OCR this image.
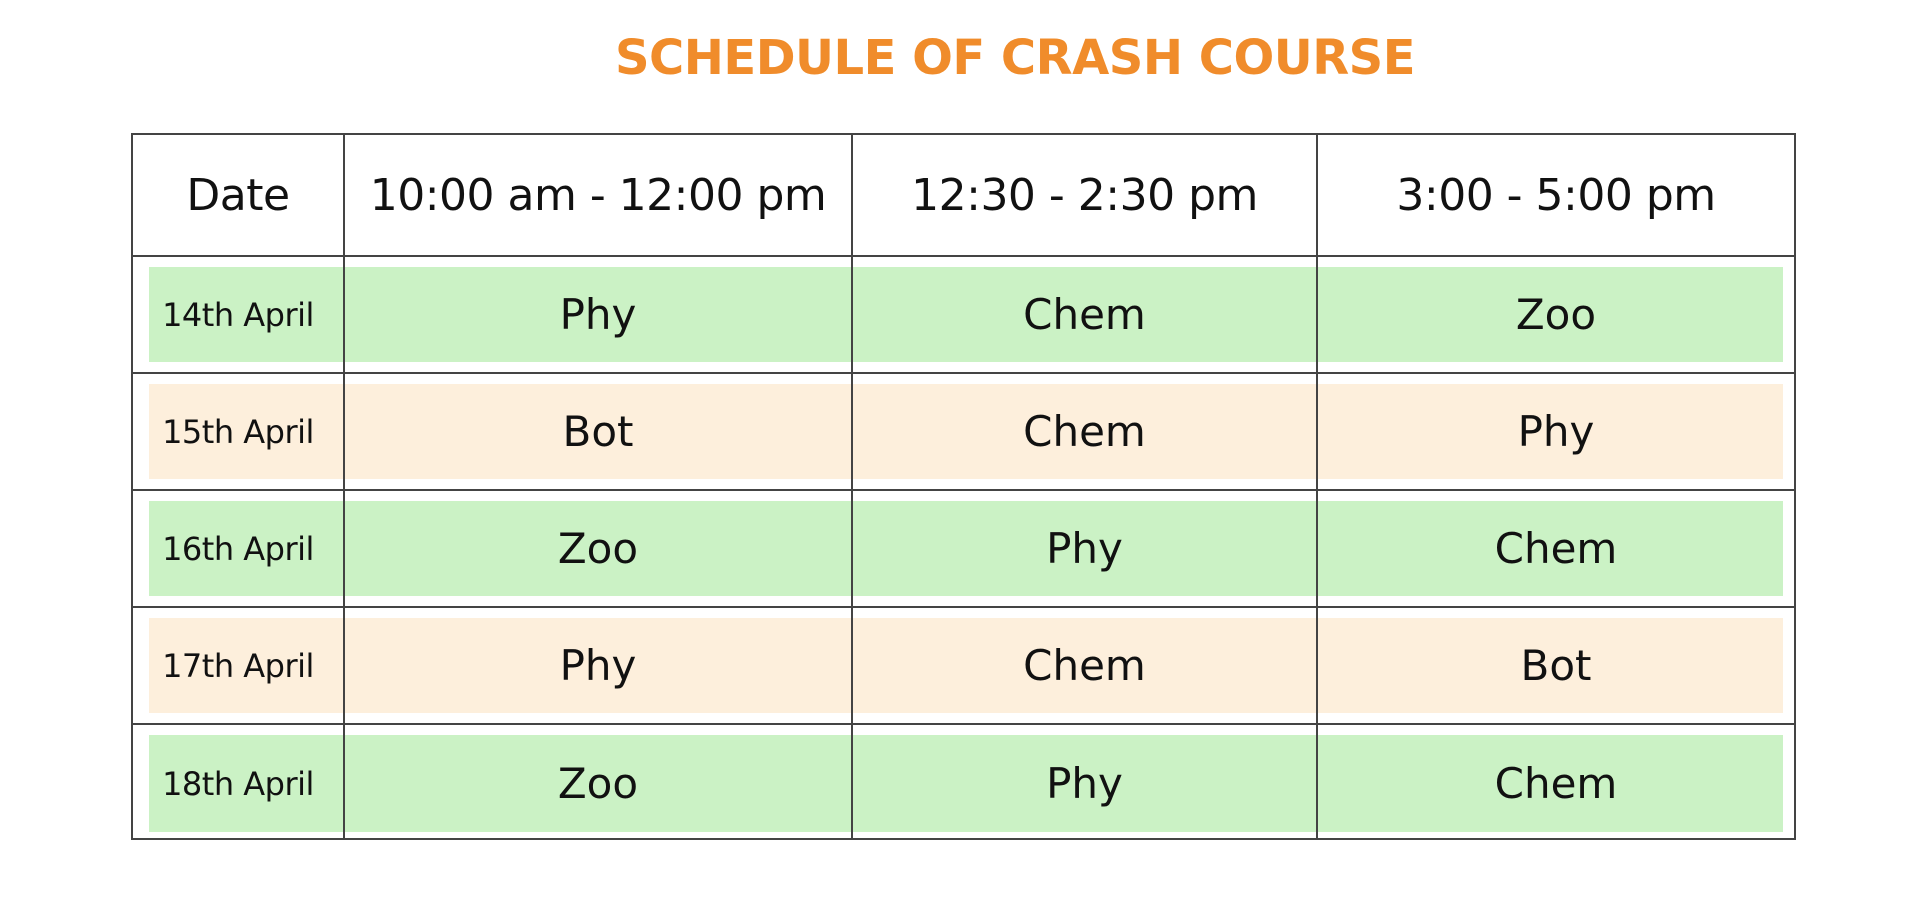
SCHEDULE OF CRASH COURSE
Date	10:00 am - 12:00 pm	12:30 - 2:30 pm	3:00 - 5:00 pm
14th April	Phy	Chem	Zoo
15th April	Bot	Chem	Phy
16th April	Zoo	Phy	Chem
17th April	Phy	Chem	Bot
18th April	Zoo	Phy	Chem
